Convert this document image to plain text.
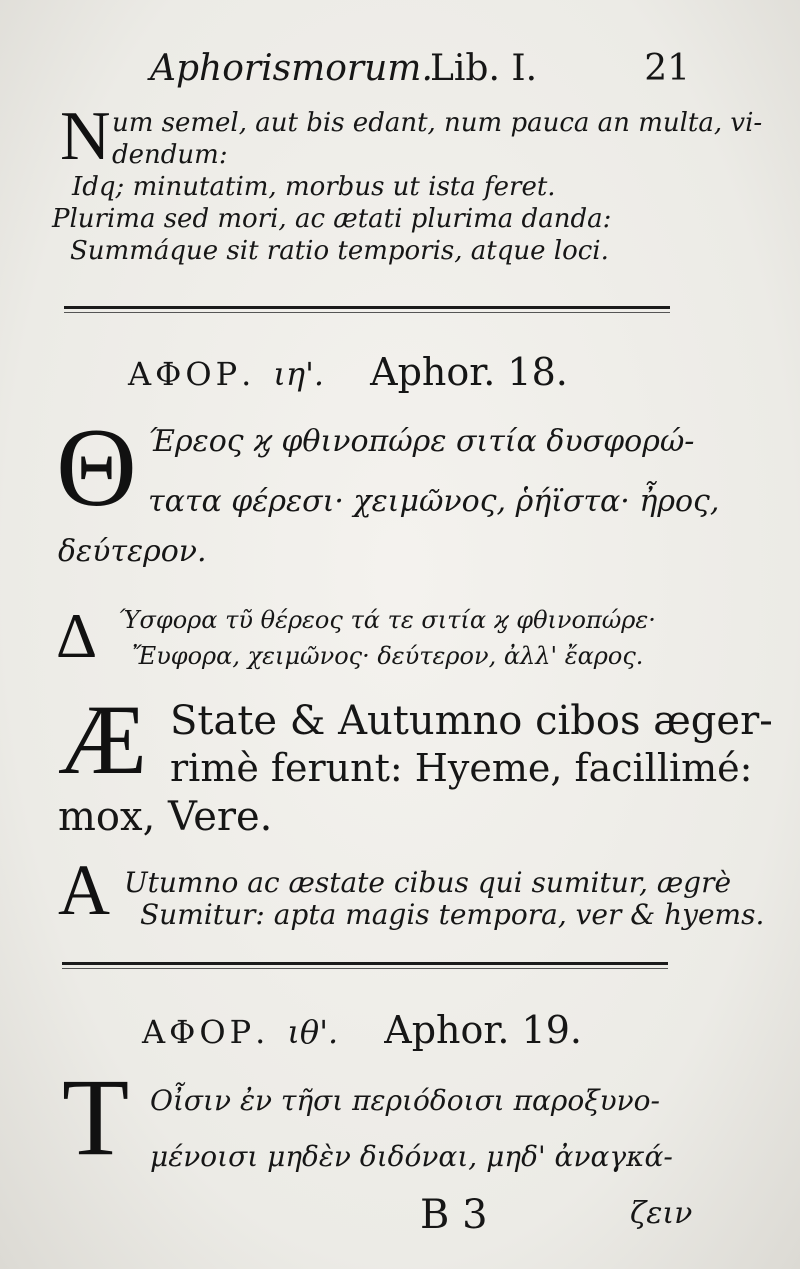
Aphorismorum.
Lib. I.	21
N um semel, aut bis edant, num pauca an multa, vi-
dendum:
Idq; minutatim, morbus ut ista feret.
Plurima sed mori, ac ætati plurima danda:
Summáque sit ratio temporis, atque loci.
ΑΦΟΡ. ιη'. Aphor. 18.
Θ Έρεος ϗ φθινοπώρε σιτία δυσφορώ-
τατα φέρεσι· χειμῶνος, ῥήϊστα· ἦρος,
δεύτερον.
Δ Ύσφορα τῦ θέρεος τά τε σιτία ϗ φθινοπώρε·
Ἔυφορα, χειμῶνος· δεύτερον, ἀλλ' ἔαρος.
Æ State & Autumno cibos æger-
rimè ferunt: Hyeme, facillimé:
mox, Vere.
A Utumno ac æstate cibus qui sumitur, ægrè
Sumitur: apta magis tempora, ver & hyems.
ΑΦΟΡ. ιθ'. Aphor. 19.
Τ Οἶσιν ἐν τῆσι περιόδοισι παροξυνο-
μένοισι μηδὲν διδόναι, μηδ' ἀναγκά-
B 3	ζειν
